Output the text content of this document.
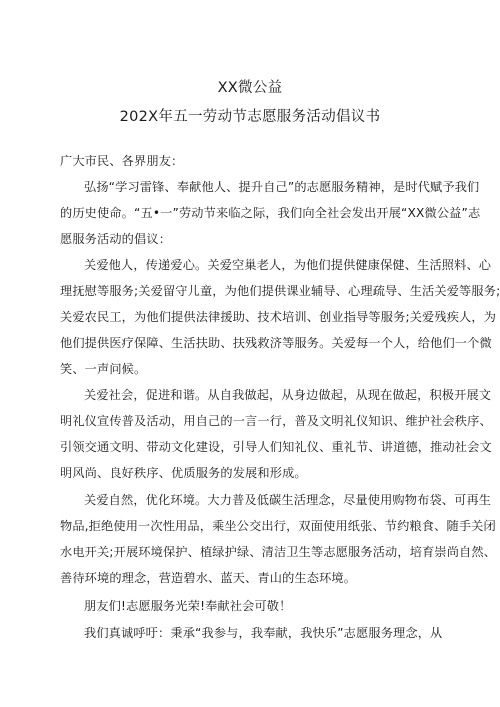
XX微公益
202X年五一劳动节志愿服务活动倡议书
广大市民、各界朋友：
弘扬“学习雷锋、奉献他人、提升自己”的志愿服务精神，是时代赋予我们
的历史使命。“五•一”劳动节来临之际，我们向全社会发出开展“XX微公益”志
愿服务活动的倡议：
关爱他人，传递爱心。关爱空巢老人，为他们提供健康保健、生活照料、心
理抚慰等服务;关爱留守儿童，为他们提供课业辅导、心理疏导、生活关爱等服务;
关爱农民工，为他们提供法律援助、技术培训、创业指导等服务;关爱残疾人，为
他们提供医疗保障、生活扶助、扶残救济等服务。关爱每一个人，给他们一个微
笑、一声问候。
关爱社会，促进和谐。从自我做起，从身边做起，从现在做起，积极开展文
明礼仪宣传普及活动，用自己的一言一行，普及文明礼仪知识、维护社会秩序、
引领交通文明、带动文化建设，引导人们知礼仪、重礼节、讲道德，推动社会文
明风尚、良好秩序、优质服务的发展和形成。
关爱自然，优化环境。大力普及低碳生活理念，尽量使用购物布袋、可再生
物品,拒绝使用一次性用品，乘坐公交出行，双面使用纸张、节约粮食、随手关闭
水电开关;开展环境保护、植绿护绿、清洁卫生等志愿服务活动，培育崇尚自然、
善待环境的理念，营造碧水、蓝天、青山的生态环境。
朋友们!志愿服务光荣!奉献社会可敬！
我们真诚呼吁：秉承“我参与，我奉献，我快乐”志愿服务理念，从
